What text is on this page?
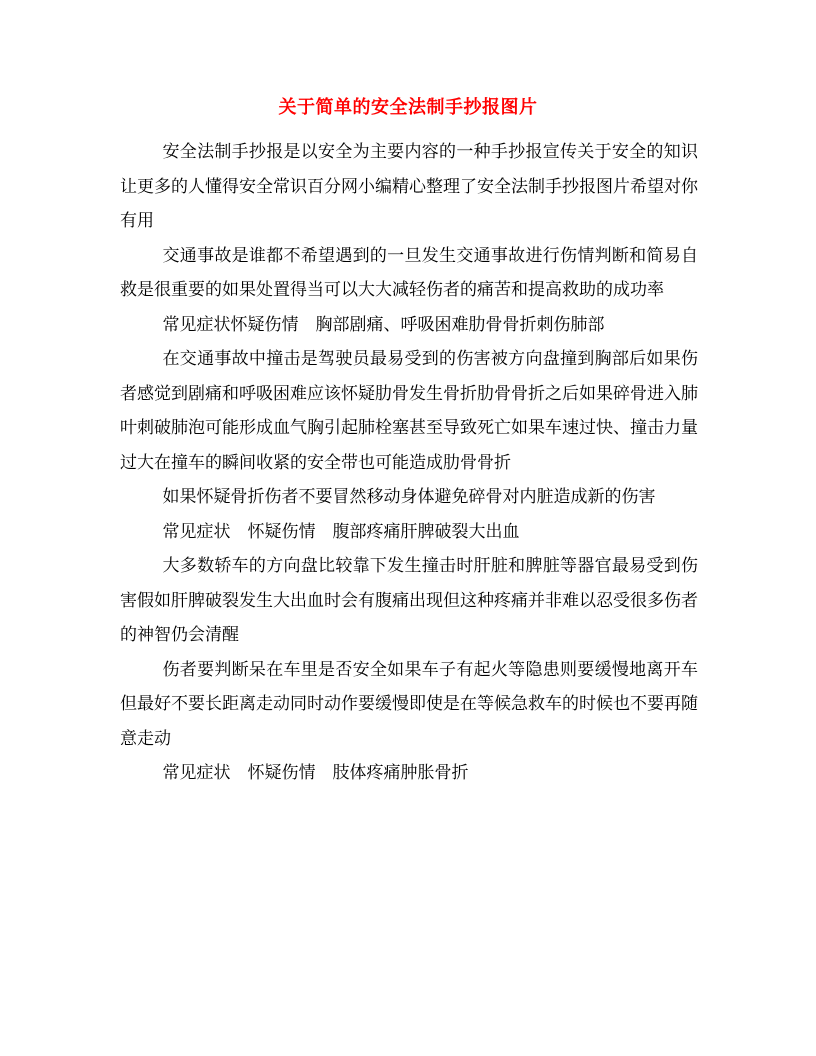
关于简单的安全法制手抄报图片

安全法制手抄报是以安全为主要内容的一种手抄报宣传关于安全的知识让更多的人懂得安全常识百分网小编精心整理了安全法制手抄报图片希望对你有用

交通事故是谁都不希望遇到的一旦发生交通事故进行伤情判断和简易自救是很重要的如果处置得当可以大大减轻伤者的痛苦和提高救助的成功率

常见症状怀疑伤情　胸部剧痛、呼吸困难肋骨骨折刺伤肺部

在交通事故中撞击是驾驶员最易受到的伤害被方向盘撞到胸部后如果伤者感觉到剧痛和呼吸困难应该怀疑肋骨发生骨折肋骨骨折之后如果碎骨进入肺叶刺破肺泡可能形成血气胸引起肺栓塞甚至导致死亡如果车速过快、撞击力量过大在撞车的瞬间收紧的安全带也可能造成肋骨骨折

如果怀疑骨折伤者不要冒然移动身体避免碎骨对内脏造成新的伤害

常见症状　怀疑伤情　腹部疼痛肝脾破裂大出血

大多数轿车的方向盘比较靠下发生撞击时肝脏和脾脏等器官最易受到伤害假如肝脾破裂发生大出血时会有腹痛出现但这种疼痛并非难以忍受很多伤者的神智仍会清醒

伤者要判断呆在车里是否安全如果车子有起火等隐患则要缓慢地离开车但最好不要长距离走动同时动作要缓慢即使是在等候急救车的时候也不要再随意走动

常见症状　怀疑伤情　肢体疼痛肿胀骨折
